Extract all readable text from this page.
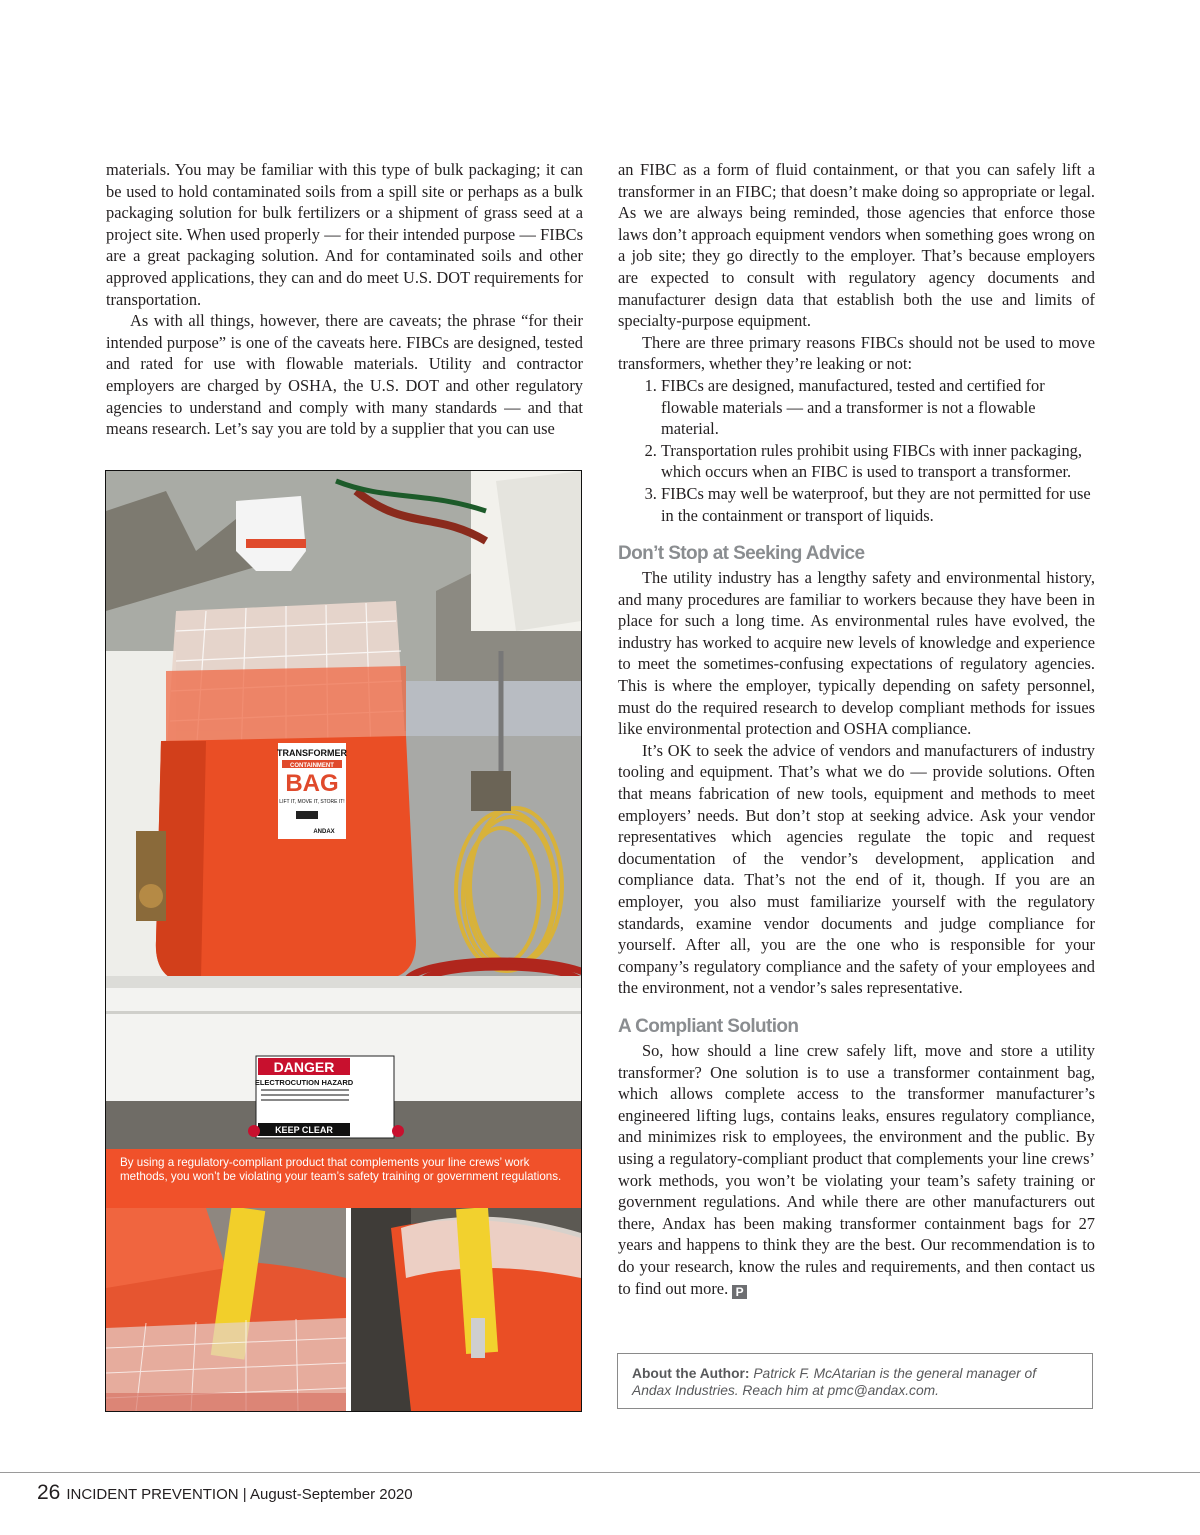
materials. You may be familiar with this type of bulk packaging; it can be used to hold contaminated soils from a spill site or perhaps as a bulk packaging solution for bulk fertilizers or a shipment of grass seed at a project site. When used properly — for their intended purpose — FIBCs are a great packaging solution. And for contaminated soils and other approved applications, they can and do meet U.S. DOT requirements for transportation.

As with all things, however, there are caveats; the phrase “for their intended purpose” is one of the caveats here. FIBCs are designed, tested and rated for use with flowable materials. Utility and contractor employers are charged by OSHA, the U.S. DOT and other regulatory agencies to understand and comply with many standards — and that means research. Let’s say you are told by a supplier that you can use

TRANSFORMER
CONTAINMENT
BAG
LIFT IT, MOVE IT, STORE IT!
ANDAX
DANGER
ELECTROCUTION HAZARD
KEEP CLEAR
By using a regulatory-compliant product that complements your line crews’ work methods, you won’t be violating your team’s safety training or government regulations.

an FIBC as a form of fluid containment, or that you can safely lift a transformer in an FIBC; that doesn’t make doing so appropriate or legal. As we are always being reminded, those agencies that enforce those laws don’t approach equipment vendors when something goes wrong on a job site; they go directly to the employer. That’s because employers are expected to consult with regulatory agency documents and manufacturer design data that establish both the use and limits of specialty-purpose equipment.

There are three primary reasons FIBCs should not be used to move transformers, whether they’re leaking or not:

1. FIBCs are designed, manufactured, tested and certified for flowable materials — and a transformer is not a flowable material.
2. Transportation rules prohibit using FIBCs with inner packaging, which occurs when an FIBC is used to transport a transformer.
3. FIBCs may well be waterproof, but they are not permitted for use in the containment or transport of liquids.
Don’t Stop at Seeking Advice

The utility industry has a lengthy safety and environmental history, and many procedures are familiar to workers because they have been in place for such a long time. As environmental rules have evolved, the industry has worked to acquire new levels of knowledge and experience to meet the sometimes-confusing expectations of regulatory agencies. This is where the employer, typically depending on safety personnel, must do the required research to develop compliant methods for issues like environmental protection and OSHA compliance.

It’s OK to seek the advice of vendors and manufacturers of industry tooling and equipment. That’s what we do — provide solutions. Often that means fabrication of new tools, equipment and methods to meet employers’ needs. But don’t stop at seeking advice. Ask your vendor representatives which agencies regulate the topic and request documentation of the vendor’s development, application and compliance data. That’s not the end of it, though. If you are an employer, you also must familiarize yourself with the regulatory standards, examine vendor documents and judge compliance for yourself. After all, you are the one who is responsible for your company’s regulatory compliance and the safety of your employees and the environment, not a vendor’s sales representative.

A Compliant Solution

So, how should a line crew safely lift, move and store a utility transformer? One solution is to use a transformer containment bag, which allows complete access to the transformer manufacturer’s engineered lifting lugs, contains leaks, ensures regulatory compliance, and minimizes risk to employees, the environment and the public. By using a regulatory-compliant product that complements your line crews’ work methods, you won’t be violating your team’s safety training or government regulations. And while there are other manufacturers out there, Andax has been making transformer containment bags for 27 years and happens to think they are the best. Our recommendation is to do your research, know the rules and requirements, and then contact us to find out more. P

About the Author: Patrick F. McAtarian is the general manager of Andax Industries. Reach him at pmc@andax.com.
26 INCIDENT PREVENTION | August-September 2020
